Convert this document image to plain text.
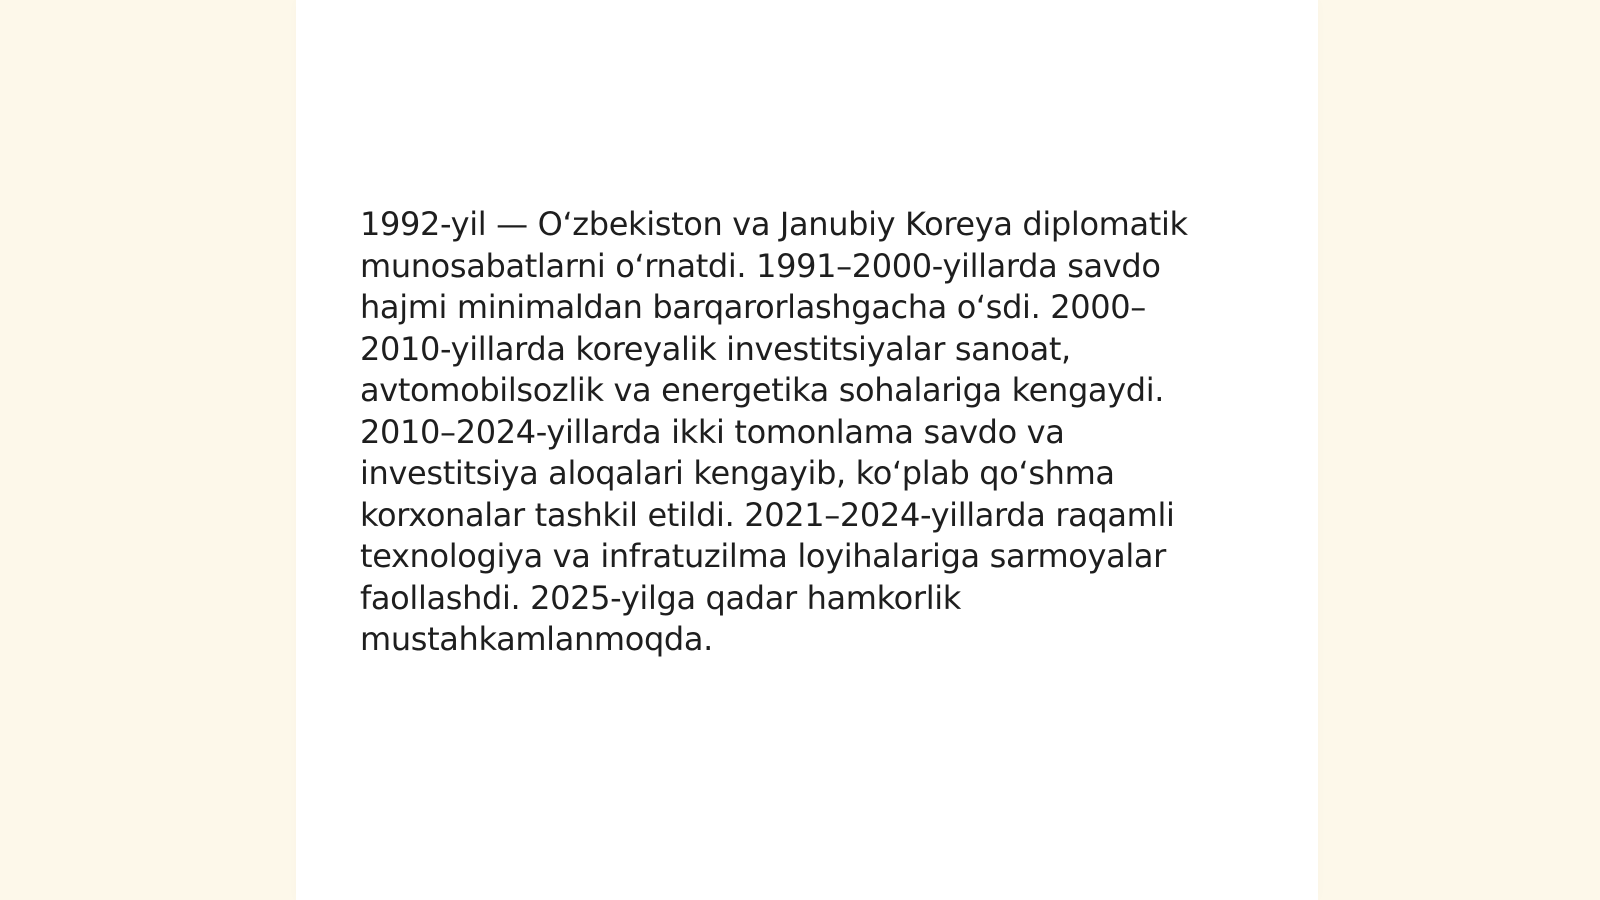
1992-yil — O‘zbekiston va Janubiy Koreya diplomatik
munosabatlarni o‘rnatdi. 1991–2000-yillarda savdo
hajmi minimaldan barqarorlashgacha o‘sdi. 2000–
2010-yillarda koreyalik investitsiyalar sanoat,
avtomobilsozlik va energetika sohalariga kengaydi.
2010–2024-yillarda ikki tomonlama savdo va
investitsiya aloqalari kengayib, ko‘plab qo‘shma
korxonalar tashkil etildi. 2021–2024-yillarda raqamli
texnologiya va infratuzilma loyihalariga sarmoyalar
faollashdi. 2025-yilga qadar hamkorlik
mustahkamlanmoqda.
